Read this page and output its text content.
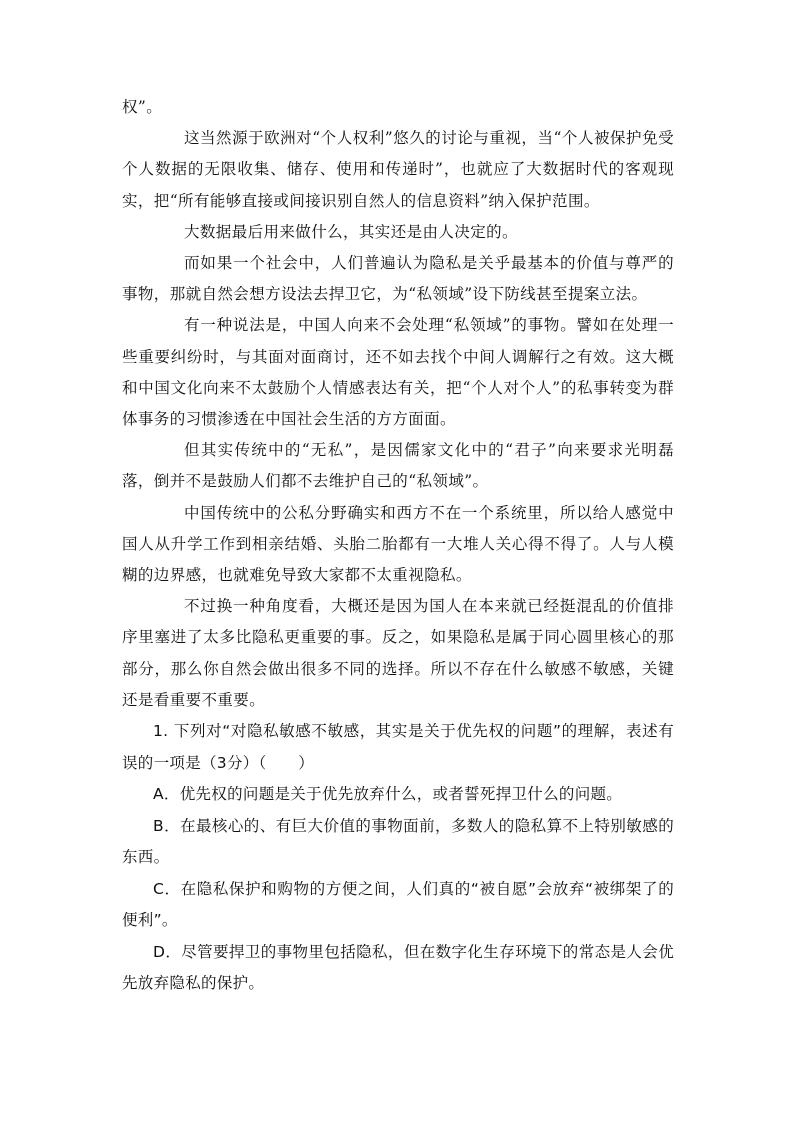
权”。

这当然源于欧洲对“个人权利”悠久的讨论与重视，当“个人被保护免受个人数据的无限收集、储存、使用和传递时”，也就应了大数据时代的客观现实，把“所有能够直接或间接识别自然人的信息资料”纳入保护范围。

大数据最后用来做什么，其实还是由人决定的。

而如果一个社会中，人们普遍认为隐私是关乎最基本的价值与尊严的事物，那就自然会想方设法去捍卫它，为“私领域”设下防线甚至提案立法。

有一种说法是，中国人向来不会处理“私领域”的事物。譬如在处理一些重要纠纷时，与其面对面商讨，还不如去找个中间人调解行之有效。这大概和中国文化向来不太鼓励个人情感表达有关，把“个人对个人”的私事转变为群体事务的习惯渗透在中国社会生活的方方面面。

但其实传统中的“无私”，是因儒家文化中的“君子”向来要求光明磊落，倒并不是鼓励人们都不去维护自己的“私领域”。

中国传统中的公私分野确实和西方不在一个系统里，所以给人感觉中国人从升学工作到相亲结婚、头胎二胎都有一大堆人关心得不得了。人与人模糊的边界感，也就难免导致大家都不太重视隐私。

不过换一种角度看，大概还是因为国人在本来就已经挺混乱的价值排序里塞进了太多比隐私更重要的事。反之，如果隐私是属于同心圆里核心的那部分，那么你自然会做出很多不同的选择。所以不存在什么敏感不敏感，关键还是看重要不重要。

1. 下列对“对隐私敏感不敏感，其实是关于优先权的问题”的理解，表述有误的一项是（3分）（　　）

A．优先权的问题是关于优先放弃什么，或者誓死捍卫什么的问题。

B．在最核心的、有巨大价值的事物面前，多数人的隐私算不上特别敏感的东西。

C．在隐私保护和购物的方便之间，人们真的“被自愿”会放弃“被绑架了的便利”。

D．尽管要捍卫的事物里包括隐私，但在数字化生存环境下的常态是人会优先放弃隐私的保护。
